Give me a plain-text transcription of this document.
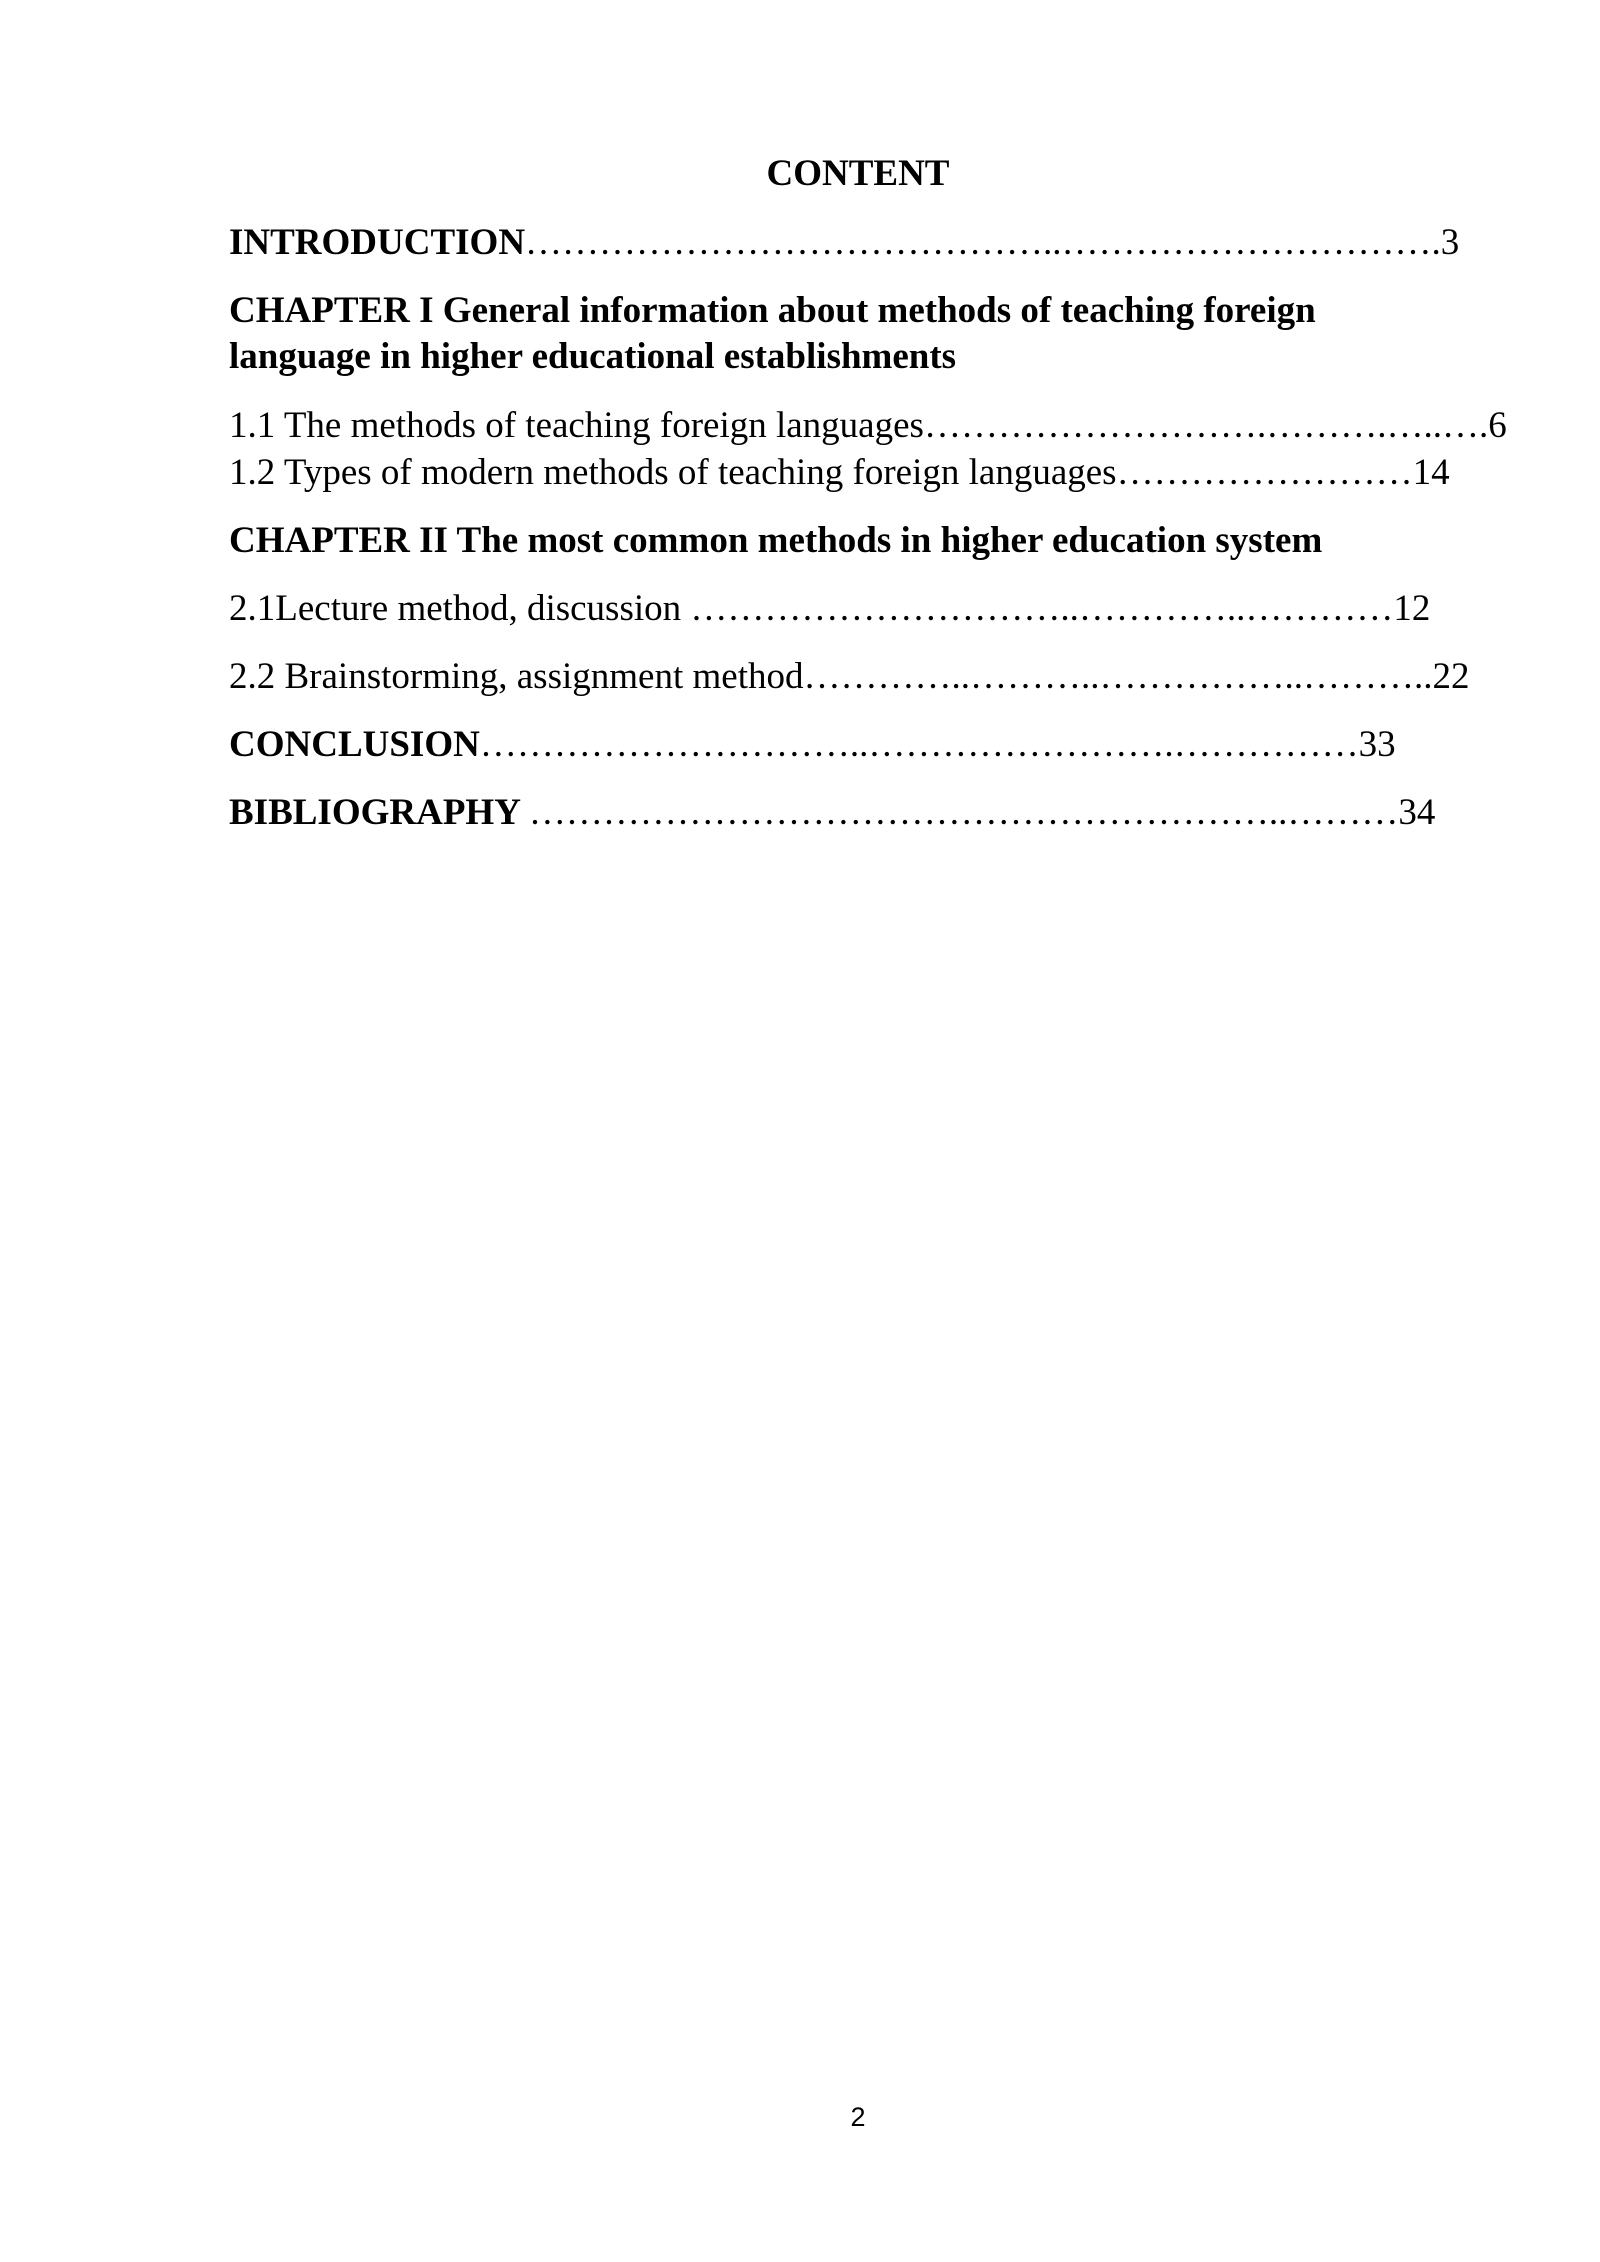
CONTENT

INTRODUCTION……………………………………..………………………….3

CHAPTER I General information about methods of teaching foreign language in higher educational establishments

1.1 The methods of teaching foreign languages……………………….……….…..….6

1.2 Types of modern methods of teaching foreign languages……………………14

CHAPTER II The most common methods in higher education system

2.1Lecture method, discussion …………………………..…………..…………12

2.2 Brainstorming, assignment method…………..………..……………..………..22

CONCLUSION…………………………..…………………….……………33

BIBLIOGRAPHY ……………………………………………………..………34

2
